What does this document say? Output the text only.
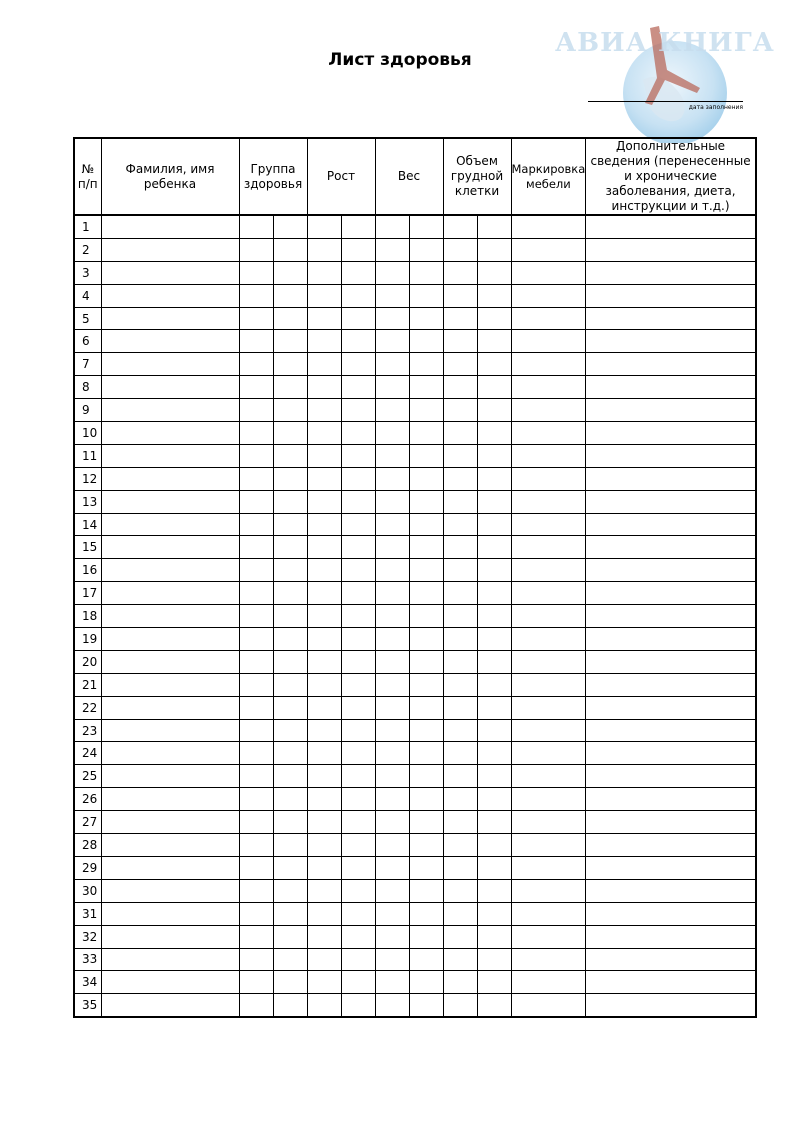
Лист здоровья
АВИА КНИГА
дата заполнения
№ п/п	Фамилия, имя ребенка	Группа здоровья		Рост		Вес		Объем грудной клетки		Маркировка мебели	Дополнительные сведения (перенесенные и хронические заболевания, диета, инструкции и т.д.)
1											
2											
3											
4											
5											
6											
7											
8											
9											
10											
11											
12											
13											
14											
15											
16											
17											
18											
19											
20											
21											
22											
23											
24											
25											
26											
27											
28											
29											
30											
31											
32											
33											
34											
35											
